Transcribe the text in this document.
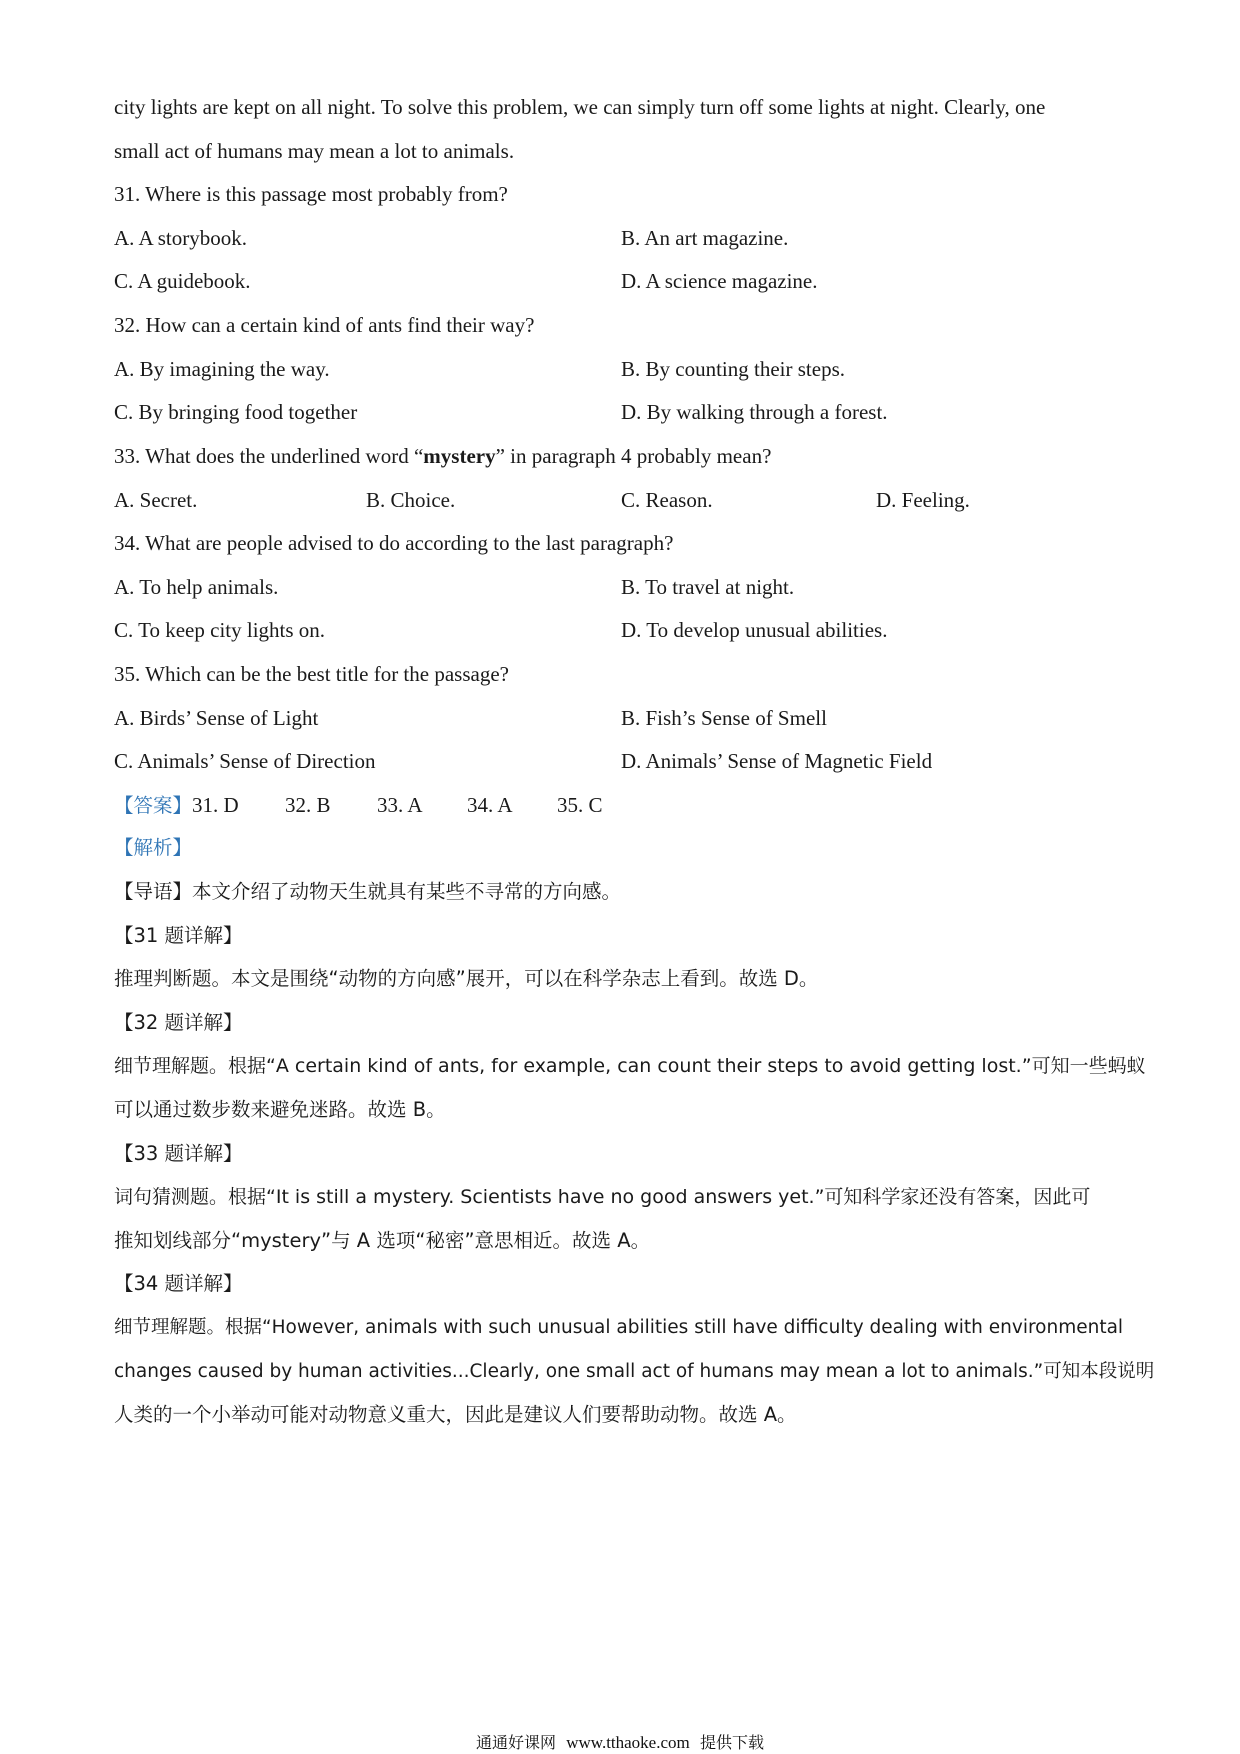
city lights are kept on all night. To solve this problem, we can simply turn off some lights at night. Clearly, one
small act of humans may mean a lot to animals.
31. Where is this passage most probably from?
A. A storybook.	B. An art magazine.
C. A guidebook.	D. A science magazine.
32. How can a certain kind of ants find their way?
A. By imagining the way.	B. By counting their steps.
C. By bringing food together	D. By walking through a forest.
33. What does the underlined word “mystery” in paragraph 4 probably mean?
A. Secret.	B. Choice.	C. Reason.	D. Feeling.
34. What are people advised to do according to the last paragraph?
A. To help animals.	B. To travel at night.
C. To keep city lights on.	D. To develop unusual abilities.
35. Which can be the best title for the passage?
A. Birds’ Sense of Light	B. Fish’s Sense of Smell
C. Animals’ Sense of Direction	D. Animals’ Sense of Magnetic Field
【答案】31. D 32. B 33. A 34. A 35. C
【解析】
【导语】本文介绍了动物天生就具有某些不寻常的方向感。
【31 题详解】
推理判断题。本文是围绕“动物的方向感”展开，可以在科学杂志上看到。故选 D。
【32 题详解】
细节理解题。根据“A certain kind of ants, for example, can count their steps to avoid getting lost.”可知一些蚂蚁
可以通过数步数来避免迷路。故选 B。
【33 题详解】
词句猜测题。根据“It is still a mystery. Scientists have no good answers yet.”可知科学家还没有答案，因此可
推知划线部分“mystery”与 A 选项“秘密”意思相近。故选 A。
【34 题详解】
细节理解题。根据“However, animals with such unusual abilities still have difficulty dealing with environmental
changes caused by human activities...Clearly, one small act of humans may mean a lot to animals.”可知本段说明
人类的一个小举动可能对动物意义重大，因此是建议人们要帮助动物。故选 A。
通通好课网 www.tthaoke.com 提供下载
